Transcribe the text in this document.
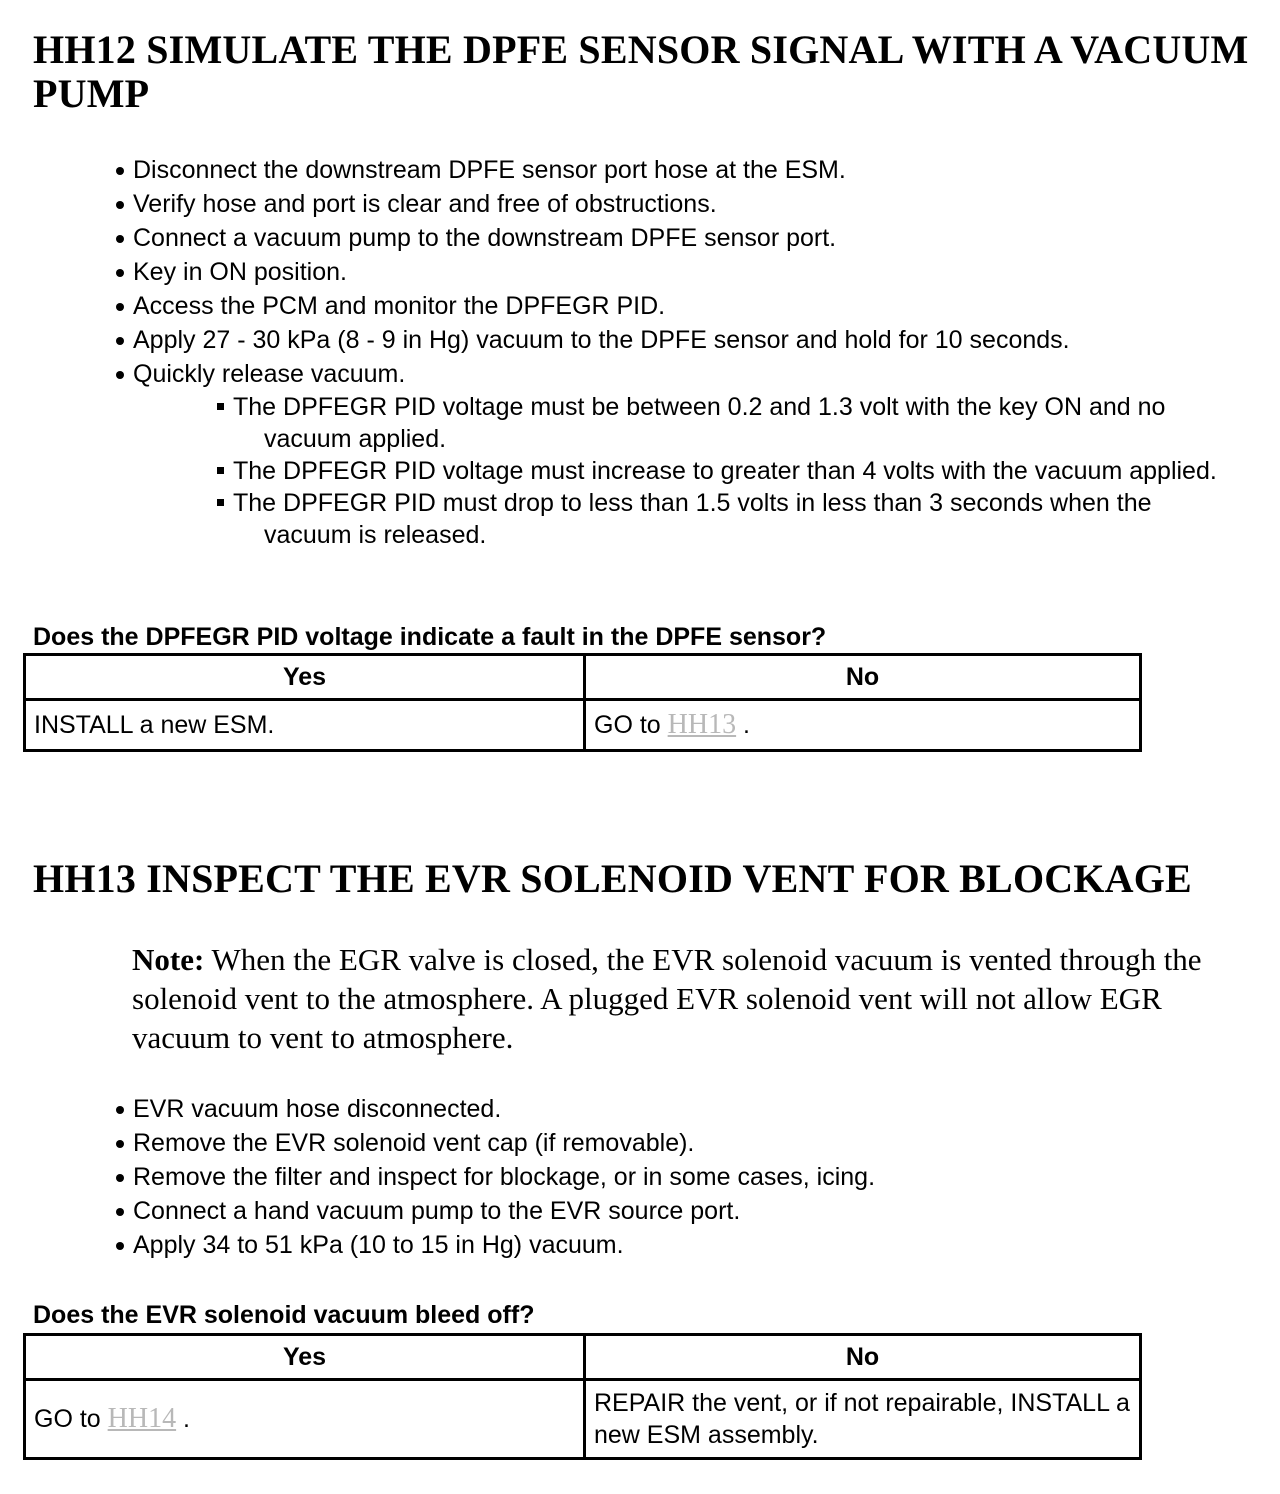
HH12 SIMULATE THE DPFE SENSOR SIGNAL WITH A VACUUM PUMP
Disconnect the downstream DPFE sensor port hose at the ESM.
Verify hose and port is clear and free of obstructions.
Connect a vacuum pump to the downstream DPFE sensor port.
Key in ON position.
Access the PCM and monitor the DPFEGR PID.
Apply 27 - 30 kPa (8 - 9 in Hg) vacuum to the DPFE sensor and hold for 10 seconds.
Quickly release vacuum.
The DPFEGR PID voltage must be between 0.2 and 1.3 volt with the key ON and no vacuum applied.
The DPFEGR PID voltage must increase to greater than 4 volts with the vacuum applied.
The DPFEGR PID must drop to less than 1.5 volts in less than 3 seconds when the vacuum is released.

Does the DPFEGR PID voltage indicate a fault in the DPFE sensor?

Yes	No
INSTALL a new ESM.	GO to HH13 .
HH13 INSPECT THE EVR SOLENOID VENT FOR BLOCKAGE

Note: When the EGR valve is closed, the EVR solenoid vacuum is vented through the solenoid vent to the atmosphere. A plugged EVR solenoid vent will not allow EGR vacuum to vent to atmosphere.

EVR vacuum hose disconnected.
Remove the EVR solenoid vent cap (if removable).
Remove the filter and inspect for blockage, or in some cases, icing.
Connect a hand vacuum pump to the EVR source port.
Apply 34 to 51 kPa (10 to 15 in Hg) vacuum.

Does the EVR solenoid vacuum bleed off?

Yes	No
GO to HH14 .	REPAIR the vent, or if not repairable, INSTALL a new ESM assembly.
